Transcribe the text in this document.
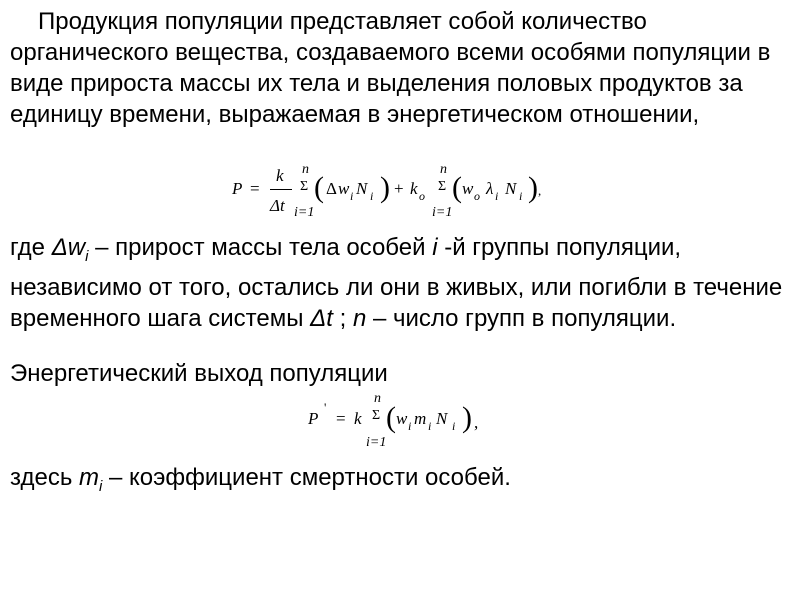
Продукция популяции представляет собой количество органического вещества, создаваемого всеми особями популяции в виде прироста массы их тела и выделения половых продуктов за единицу времени, выражаемая в энергетическом отношении,

P =
k
Δt
n
Σ
i=1
( Δ w i N i ) + k o
n
Σ
i=1
( w o λ i N i ) ,

где $\Delta w_i$ – прирост массы тела особей i -й группы популяции, независимо от того, остались ли они в живых, или погибли в течение временного шага системы Δt ; n – число групп в популяции.

Энергетический выход популяции

P
'
= k
n
Σ
i=1
( w i m i N i ) ,

здесь $m_i$ – коэффициент смертности особей.
